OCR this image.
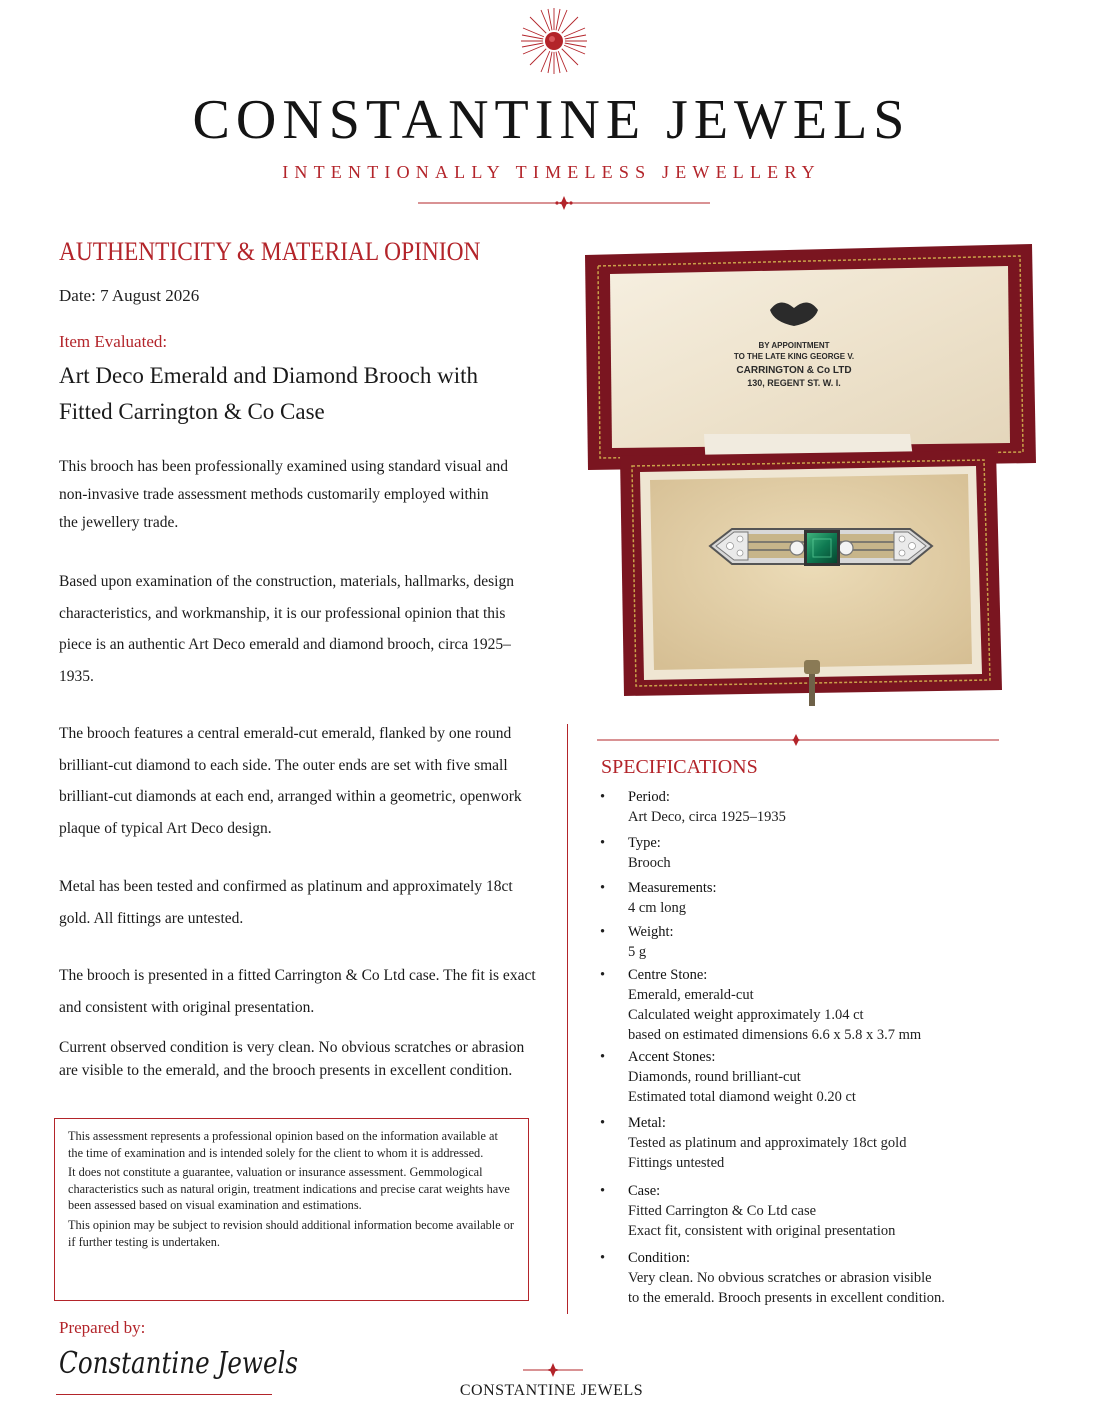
CONSTANTINE JEWELS
INTENTIONALLY TIMELESS JEWELLERY
AUTHENTICITY & MATERIAL OPINION
Date: 7 August 2026
Item Evaluated:
Art Deco Emerald and Diamond Brooch with Fitted Carrington & Co Case
This brooch has been professionally examined using standard visual and non-invasive trade assessment methods customarily employed within the jewellery trade.
Based upon examination of the construction, materials, hallmarks, design characteristics, and workmanship, it is our professional opinion that this piece is an authentic Art Deco emerald and diamond brooch, circa 1925–1935.
The brooch features a central emerald-cut emerald, flanked by one round brilliant-cut diamond to each side. The outer ends are set with five small brilliant-cut diamonds at each end, arranged within a geometric, openwork plaque of typical Art Deco design.
Metal has been tested and confirmed as platinum and approximately 18ct gold. All fittings are untested.
The brooch is presented in a fitted Carrington & Co Ltd case. The fit is exact and consistent with original presentation.
Current observed condition is very clean. No obvious scratches or abrasion are visible to the emerald, and the brooch presents in excellent condition.

This assessment represents a professional opinion based on the information available at the time of examination and is intended solely for the client to whom it is addressed.

It does not constitute a guarantee, valuation or insurance assessment. Gemmological characteristics such as natural origin, treatment indications and precise carat weights have been assessed based on visual examination and estimations.

This opinion may be subject to revision should additional information become available or if further testing is undertaken.

Prepared by:
Constantine Jewels
BY APPOINTMENT
TO THE LATE KING GEORGE V.
CARRINGTON & Co LTD
130, REGENT ST. W. I.
SPECIFICATIONS
• Period:
Art Deco, circa 1925–1935
• Type:
Brooch
• Measurements:
4 cm long
• Weight:
5 g
• Centre Stone:
Emerald, emerald-cut
Calculated weight approximately 1.04 ct
based on estimated dimensions 6.6 x 5.8 x 3.7 mm
• Accent Stones:
Diamonds, round brilliant-cut
Estimated total diamond weight 0.20 ct
• Metal:
Tested as platinum and approximately 18ct gold
Fittings untested
• Case:
Fitted Carrington & Co Ltd case
Exact fit, consistent with original presentation
• Condition:
Very clean. No obvious scratches or abrasion visible
to the emerald. Brooch presents in excellent condition.
CONSTANTINE JEWELS
